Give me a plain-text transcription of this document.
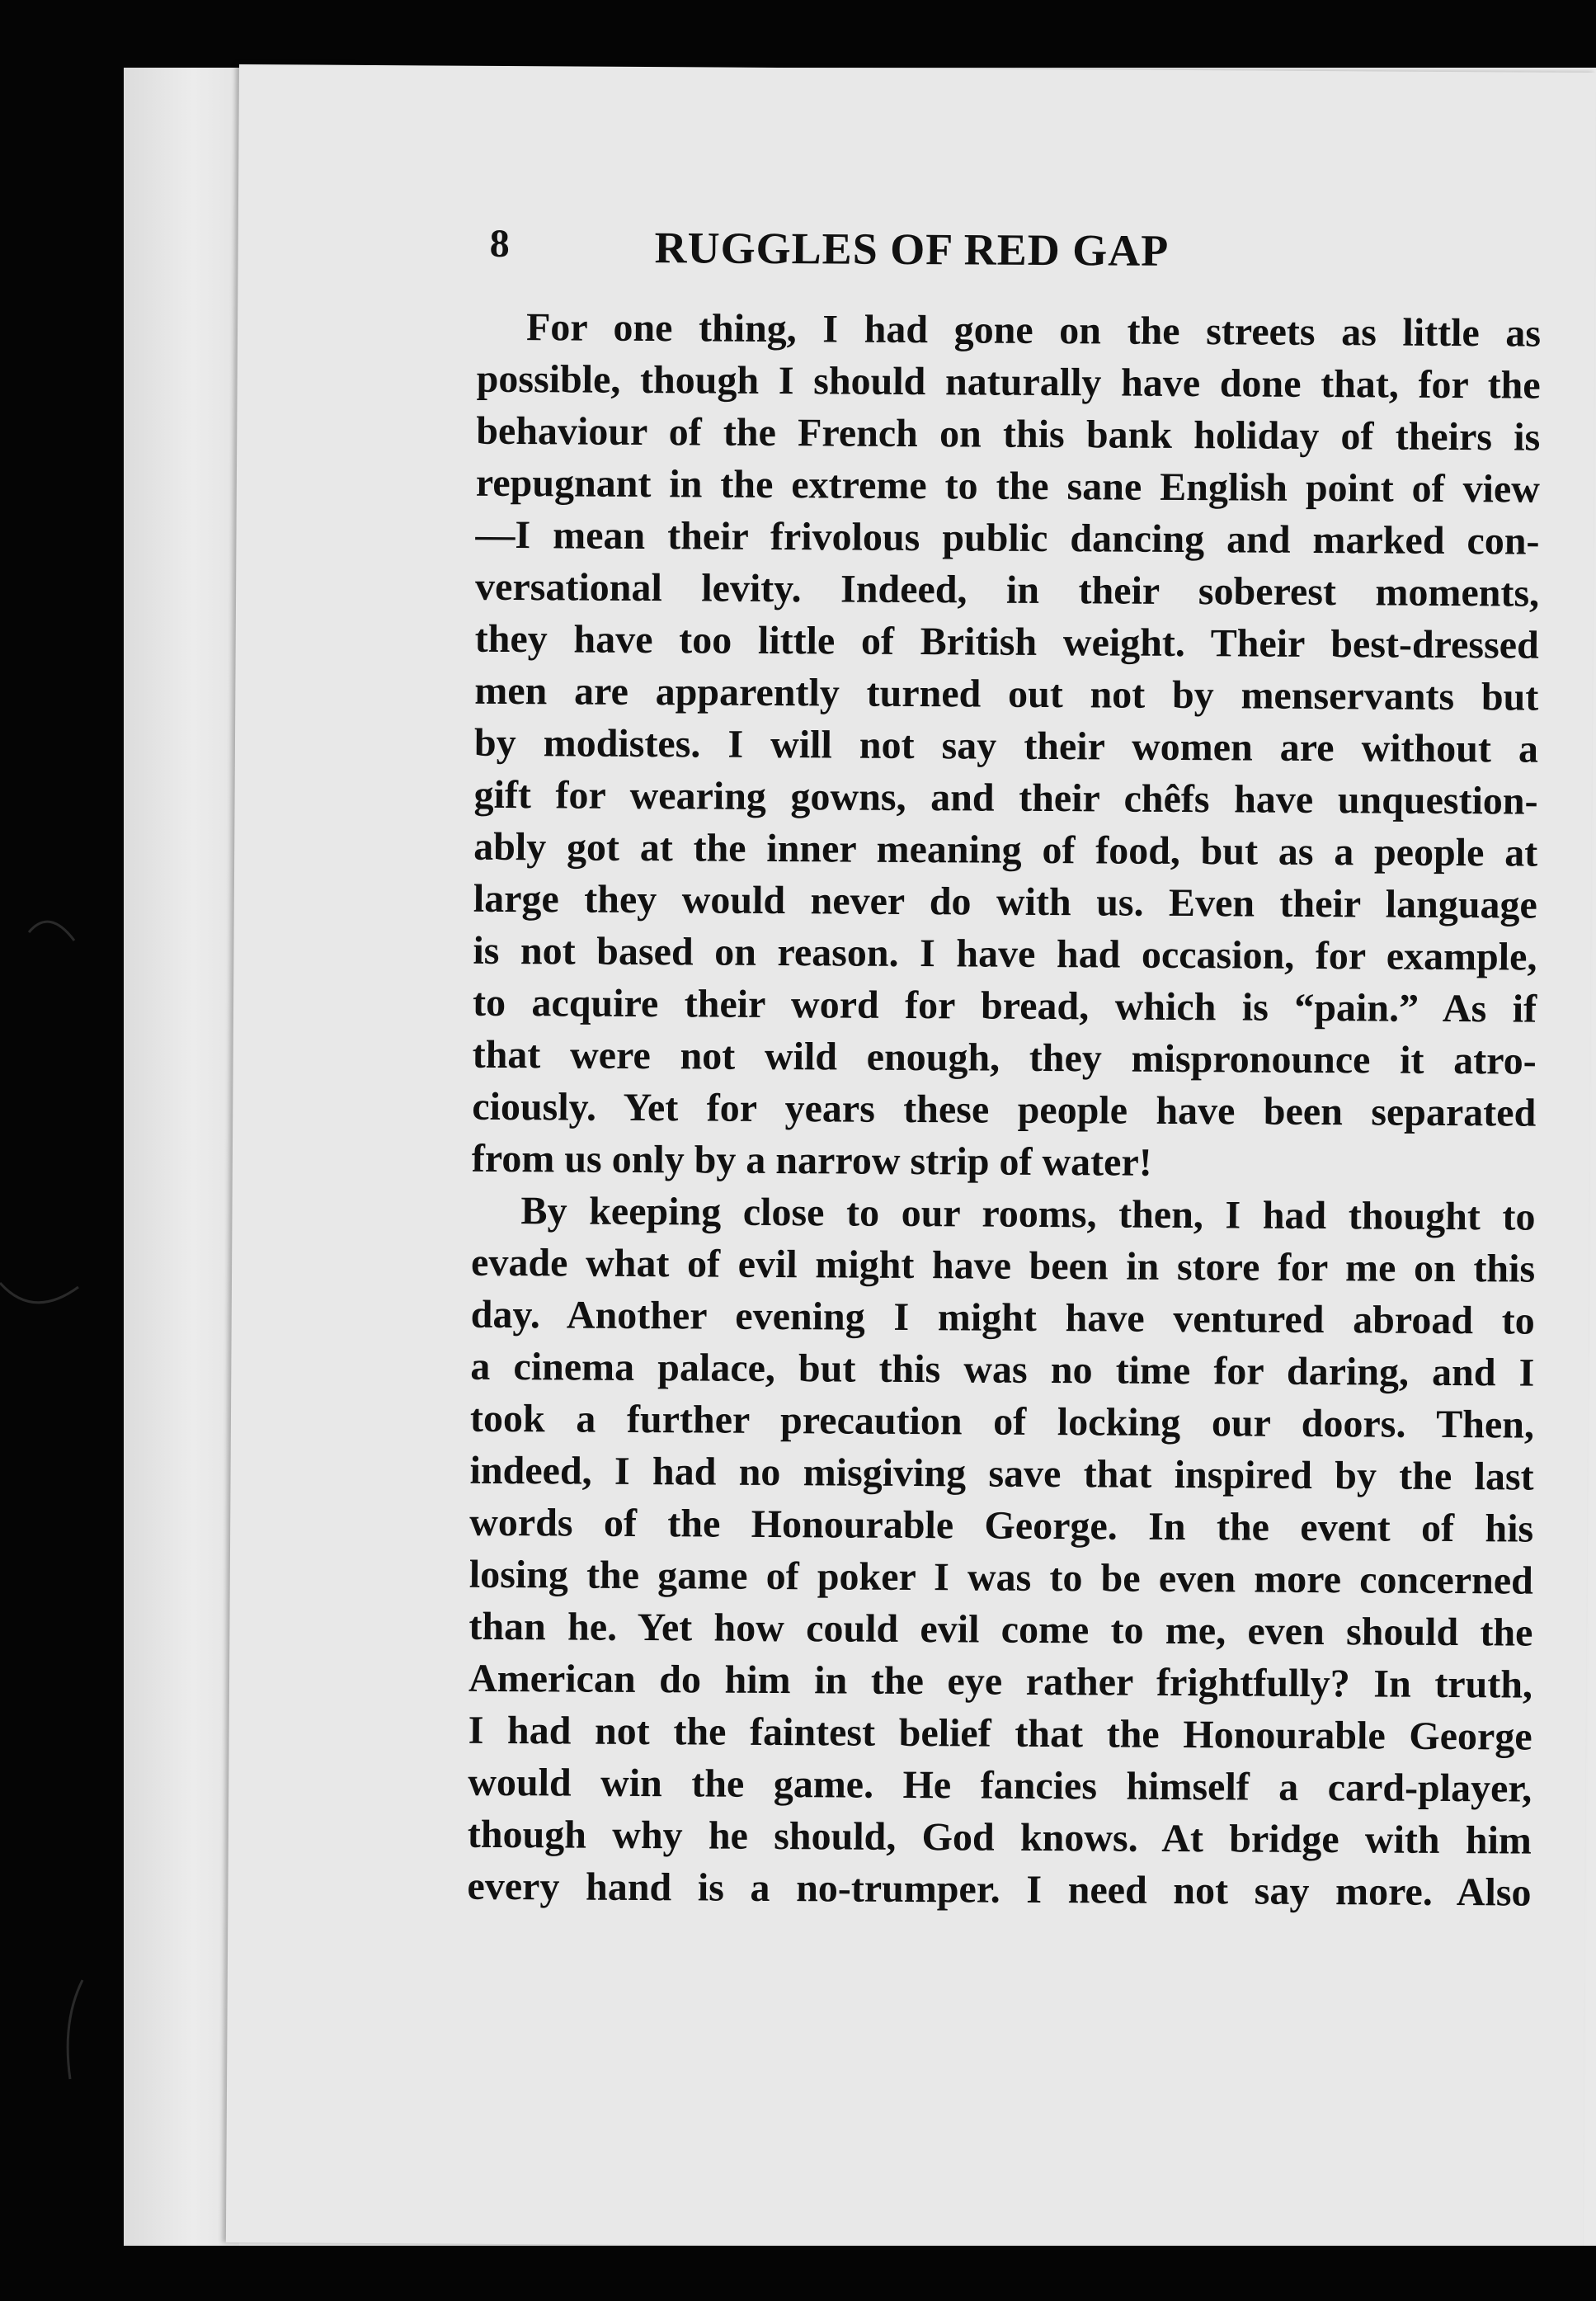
8	RUGGLES OF RED GAP
For one thing, I had gone on the streets as little as
possible, though I should naturally have done that, for the
behaviour of the French on this bank holiday of theirs is
repugnant in the extreme to the sane English point of view
—I mean their frivolous public dancing and marked con-
versational levity. Indeed, in their soberest moments,
they have too little of British weight. Their best-dressed
men are apparently turned out not by menservants but
by modistes. I will not say their women are without a
gift for wearing gowns, and their chêfs have unquestion-
ably got at the inner meaning of food, but as a people at
large they would never do with us. Even their language
is not based on reason. I have had occasion, for example,
to acquire their word for bread, which is “pain.” As if
that were not wild enough, they mispronounce it atro-
ciously. Yet for years these people have been separated
from us only by a narrow strip of water!
By keeping close to our rooms, then, I had thought to
evade what of evil might have been in store for me on this
day. Another evening I might have ventured abroad to
a cinema palace, but this was no time for daring, and I
took a further precaution of locking our doors. Then,
indeed, I had no misgiving save that inspired by the last
words of the Honourable George. In the event of his
losing the game of poker I was to be even more concerned
than he. Yet how could evil come to me, even should the
American do him in the eye rather frightfully? In truth,
I had not the faintest belief that the Honourable George
would win the game. He fancies himself a card-player,
though why he should, God knows. At bridge with him
every hand is a no-trumper. I need not say more. Also
